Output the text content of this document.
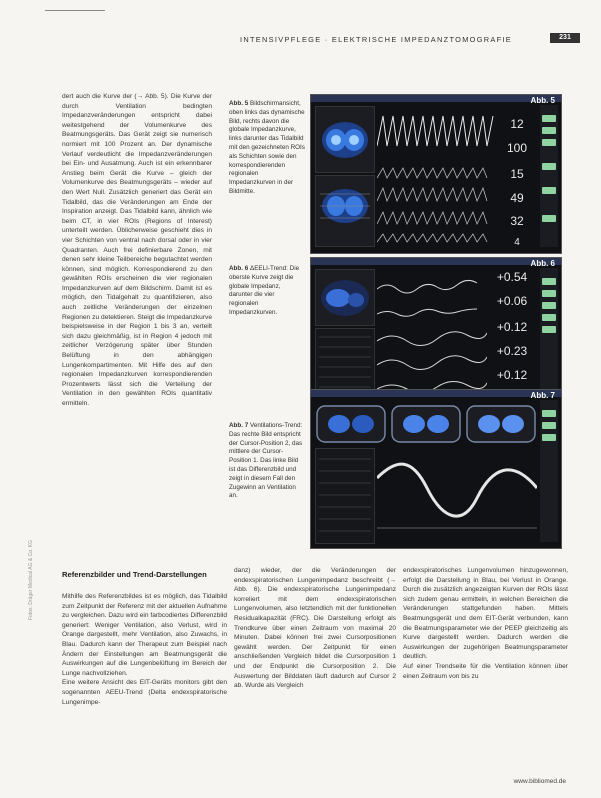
INTENSIVPFLEGE · ELEKTRISCHE IMPEDANZTOMOGRAFIE	231

dert auch die Kurve der (→ Abb. 5). Die Kurve der durch Ventilation bedingten Impedanzveränderungen entspricht dabei weitestgehend der Volumenkurve des Beatmungsgeräts. Das Gerät zeigt sie numerisch normiert mit 100 Prozent an. Der dynamische Verlauf verdeutlicht die Impedanzveränderungen bei Ein- und Ausatmung. Auch ist ein erkennbarer Anstieg beim Gerät die Kurve – gleich der Volumenkurve des Beatmungsgeräts – wieder auf den Wert Null. Zusätzlich generiert das Gerät ein Tidalbild, das die Veränderungen am Ende der Inspiration anzeigt. Das Tidalbild kann, ähnlich wie beim CT, in vier ROIs (Regions of Interest) unterteilt werden. Üblicherweise geschieht dies in vier Schichten von ventral nach dorsal oder in vier Quadranten. Auch frei definierbare Zonen, mit denen sehr kleine Teilbereiche begutachtet werden können, sind möglich. Korrespondierend zu den gewählten ROIs erscheinen die vier regionalen Impedanzkurven auf dem Bildschirm. Damit ist es möglich, den Tidalgehalt zu quantifizieren, also auch zeitliche Veränderungen der einzelnen Regionen zu detektieren. Steigt die Impedanzkurve beispielsweise in der Region 1 bis 3 an, verteilt sich dazu gleichmäßig, ist in Region 4 jedoch mit zeitlicher Verzögerung später über Stunden Belüftung in den abhängigen Lungenkompartimenten. Mit Hilfe des auf den regionalen Impedanzkurven korrespondierenden Prozentwerts lässt sich die Verteilung der Ventilation in den gewählten ROIs quantitativ ermitteln.

Fotos: Dräger Medical AG & Co. KG
Abb. 5 Bildschirmansicht, oben links das dynamische Bild, rechts davon die globale Impedanzkurve, links darunter das Tidalbild mit den gezeichneten ROIs als Schichten sowie den korrespondierenden regionalen Impedanzkurven in der Bildmitte.
Abb. 5
12
100
15
49
32
4
Abb. 6 ΔEELI-Trend: Die oberste Kurve zeigt die globale Impedanz, darunter die vier regionalen Impedanzkurven.
Abb. 6
+0.54
+0.06
+0.12
+0.23
+0.12
Abb. 7 Ventilations-Trend: Das rechte Bild entspricht der Cursor-Position 2, das mittlere der Cursor-Position 1. Das linke Bild ist das Differenzbild und zeigt in diesem Fall den Zugewinn an Ventilation an.
Abb. 7
Referenzbilder und Trend-Darstellungen

Mithilfe des Referenzbildes ist es möglich, das Tidalbild zum Zeitpunkt der Referenz mit der aktuellen Aufnahme zu vergleichen. Dazu wird ein farbcodiertes Differenzbild generiert: Weniger Ventilation, also Verlust, wird in Orange dargestellt, mehr Ventilation, also Zuwachs, in Blau. Dadurch kann der Therapeut zum Beispiel nach Ändern der Einstellungen am Beatmungsgerät die Auswirkungen auf die Lungenbelüftung im Bereich der Lunge nachvollziehen.
Eine weitere Ansicht des EIT-Geräts monitors gibt den sogenannten AEEU-Trend (Delta endexspiratorische Lungenimpe-

danz) wieder, der die Veränderungen der endexspiratorischen Lungenimpedanz beschreibt (→ Abb. 6). Die endexspiratorische Lungenimpedanz korreliert mit dem endexspiratorischen Lungenvolumen, also letztendlich mit der funktionellen Residualkapazität (FRC). Die Darstellung erfolgt als Trendkurve über einen Zeitraum von maximal 20 Minuten. Dabei können frei zwei Cursorpositionen gewählt werden. Der Zeitpunkt für einen anschließenden Vergleich bildet die Cursorposition 1 und der Endpunkt die Cursorposition 2. Die Auswertung der Bilddaten läuft dadurch auf Cursor 2 ab. Wurde als Vergleich

endexspiratorisches Lungenvolumen hinzugewonnen, erfolgt die Darstellung in Blau, bei Verlust in Orange. Durch die zusätzlich angezeigten Kurven der ROIs lässt sich zudem genau ermitteln, in welchen Bereichen die Veränderungen stattgefunden haben. Mittels Beatmungsgerät und dem EIT-Gerät verbunden, kann die Beatmungsparameter wie der PEEP gleichzeitig als Kurve dargestellt werden. Dadurch werden die Auswirkungen der zugehörigen Beatmungsparameter deutlich.
Auf einer Trendseite für die Ventilation können über einen Zeitraum von bis zu

www.bibliomed.de
